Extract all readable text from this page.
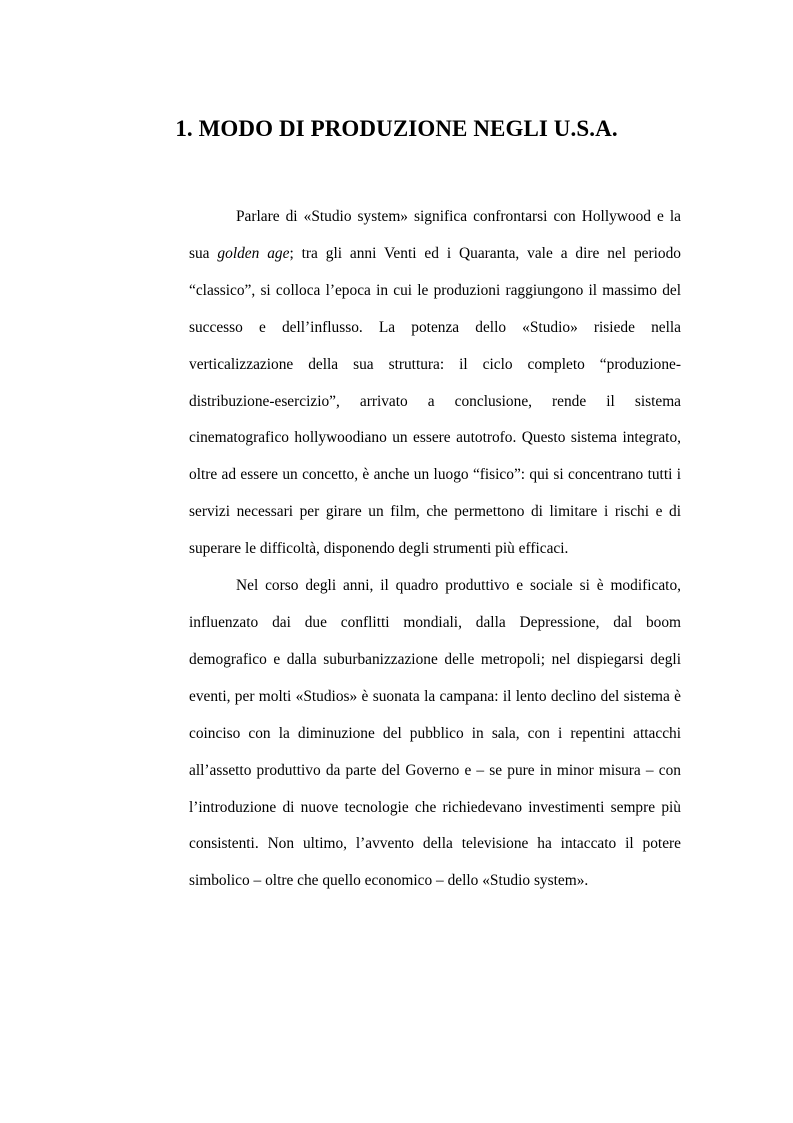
1. MODO DI PRODUZIONE NEGLI U.S.A.

Parlare di «Studio system» significa confrontarsi con Hollywood e la sua golden age; tra gli anni Venti ed i Quaranta, vale a dire nel periodo “classico”, si colloca l’epoca in cui le produzioni raggiungono il massimo del successo e dell’influsso. La potenza dello «Studio» risiede nella verticalizzazione della sua struttura: il ciclo completo “produzione-distribuzione-esercizio”, arrivato a conclusione, rende il sistema cinematografico hollywoodiano un essere autotrofo. Questo sistema integrato, oltre ad essere un concetto, è anche un luogo “fisico”: qui si concentrano tutti i servizi necessari per girare un film, che permettono di limitare i rischi e di superare le difficoltà, disponendo degli strumenti più efficaci.

Nel corso degli anni, il quadro produttivo e sociale si è modificato, influenzato dai due conflitti mondiali, dalla Depressione, dal boom demografico e dalla suburbanizzazione delle metropoli; nel dispiegarsi degli eventi, per molti «Studios» è suonata la campana: il lento declino del sistema è coinciso con la diminuzione del pubblico in sala, con i repentini attacchi all’assetto produttivo da parte del Governo e – se pure in minor misura – con l’introduzione di nuove tecnologie che richiedevano investimenti sempre più consistenti. Non ultimo, l’avvento della televisione ha intaccato il potere simbolico – oltre che quello economico – dello «Studio system».
